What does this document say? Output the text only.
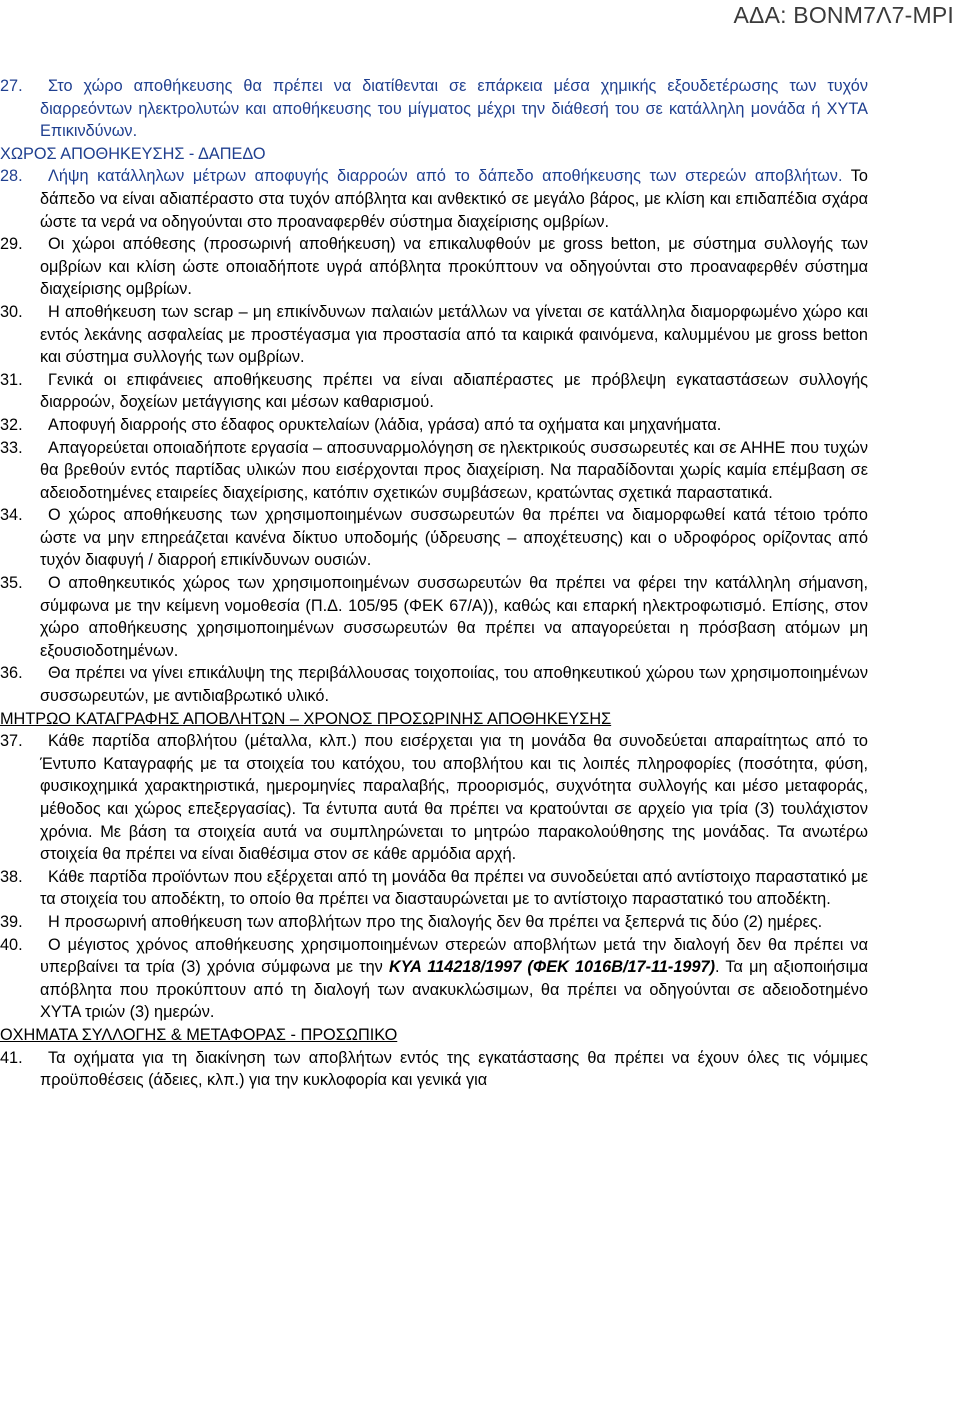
ΑΔΑ: ΒΟΝΜ7Λ7-ΜΡΙ
27. Στο χώρο αποθήκευσης θα πρέπει να διατίθενται σε επάρκεια μέσα χημικής εξουδετέρωσης των τυχόν διαρρεόντων ηλεκτρολυτών και αποθήκευσης του μίγματος μέχρι την διάθεσή του σε κατάλληλη μονάδα ή ΧΥΤΑ Επικινδύνων.
ΧΩΡΟΣ ΑΠΟΘΗΚΕΥΣΗΣ - ΔΑΠΕΔΟ
28. Λήψη κατάλληλων μέτρων αποφυγής διαρροών από το δάπεδο αποθήκευσης των στερεών αποβλήτων. Το δάπεδο να είναι αδιαπέραστο στα τυχόν απόβλητα και ανθεκτικό σε μεγάλο βάρος, με κλίση και επιδαπέδια σχάρα ώστε τα νερά να οδηγούνται στο προαναφερθέν σύστημα διαχείρισης ομβρίων.
29. Οι χώροι απόθεσης (προσωρινή αποθήκευση) να επικαλυφθούν με gross betton, με σύστημα συλλογής των ομβρίων και κλίση ώστε οποιαδήποτε υγρά απόβλητα προκύπτουν να οδηγούνται στο προαναφερθέν σύστημα διαχείρισης ομβρίων.
30. Η αποθήκευση των scrap – μη επικίνδυνων παλαιών μετάλλων να γίνεται σε κατάλληλα διαμορφωμένο χώρο και εντός λεκάνης ασφαλείας με προστέγασμα για προστασία από τα καιρικά φαινόμενα, καλυμμένου με gross betton και σύστημα συλλογής των ομβρίων.
31. Γενικά οι επιφάνειες αποθήκευσης πρέπει να είναι αδιαπέραστες με πρόβλεψη εγκαταστάσεων συλλογής διαρροών, δοχείων μετάγγισης και μέσων καθαρισμού.
32. Αποφυγή διαρροής στο έδαφος ορυκτελαίων (λάδια, γράσα) από τα οχήματα και μηχανήματα.
33. Απαγορεύεται οποιαδήποτε εργασία – αποσυναρμολόγηση σε ηλεκτρικούς συσσωρευτές και σε ΑΗΗΕ που τυχών θα βρεθούν εντός παρτίδας υλικών που εισέρχονται προς διαχείριση. Να παραδίδονται χωρίς καμία επέμβαση σε αδειοδοτημένες εταιρείες διαχείρισης, κατόπιν σχετικών συμβάσεων, κρατώντας σχετικά παραστατικά.
34. Ο χώρος αποθήκευσης των χρησιμοποιημένων συσσωρευτών θα πρέπει να διαμορφωθεί κατά τέτοιο τρόπο ώστε να μην επηρεάζεται κανένα δίκτυο υποδομής (ύδρευσης – αποχέτευσης) και ο υδροφόρος ορίζοντας από τυχόν διαφυγή / διαρροή επικίνδυνων ουσιών.
35. Ο αποθηκευτικός χώρος των χρησιμοποιημένων συσσωρευτών θα πρέπει να φέρει την κατάλληλη σήμανση, σύμφωνα με την κείμενη νομοθεσία (Π.Δ. 105/95 (ΦΕΚ 67/Α)), καθώς και επαρκή ηλεκτροφωτισμό. Επίσης, στον χώρο αποθήκευσης χρησιμοποιημένων συσσωρευτών θα πρέπει να απαγορεύεται η πρόσβαση ατόμων μη εξουσιοδοτημένων.
36. Θα πρέπει να γίνει επικάλυψη της περιβάλλουσας τοιχοποιίας, του αποθηκευτικού χώρου των χρησιμοποιημένων συσσωρευτών, με αντιδιαβρωτικό υλικό.
ΜΗΤΡΩΟ ΚΑΤΑΓΡΑΦΗΣ ΑΠΟΒΛΗΤΩΝ – ΧΡΟΝΟΣ ΠΡΟΣΩΡΙΝΗΣ ΑΠΟΘΗΚΕΥΣΗΣ
37. Κάθε παρτίδα αποβλήτου (μέταλλα, κλπ.) που εισέρχεται για τη μονάδα θα συνοδεύεται απαραίτητως από το Έντυπο Καταγραφής με τα στοιχεία του κατόχου, του αποβλήτου και τις λοιπές πληροφορίες (ποσότητα, φύση, φυσικοχημικά χαρακτηριστικά, ημερομηνίες παραλαβής, προορισμός, συχνότητα συλλογής και μέσο μεταφοράς, μέθοδος και χώρος επεξεργασίας). Τα έντυπα αυτά θα πρέπει να κρατούνται σε αρχείο για τρία (3) τουλάχιστον χρόνια. Με βάση τα στοιχεία αυτά να συμπληρώνεται το μητρώο παρακολούθησης της μονάδας. Τα ανωτέρω στοιχεία θα πρέπει να είναι διαθέσιμα στον σε κάθε αρμόδια αρχή.
38. Κάθε παρτίδα προϊόντων που εξέρχεται από τη μονάδα θα πρέπει να συνοδεύεται από αντίστοιχο παραστατικό με τα στοιχεία του αποδέκτη, το οποίο θα πρέπει να διασταυρώνεται με το αντίστοιχο παραστατικό του αποδέκτη.
39. Η προσωρινή αποθήκευση των αποβλήτων προ της διαλογής δεν θα πρέπει να ξεπερνά τις δύο (2) ημέρες.
40. Ο μέγιστος χρόνος αποθήκευσης χρησιμοποιημένων στερεών αποβλήτων μετά την διαλογή δεν θα πρέπει να υπερβαίνει τα τρία (3) χρόνια σύμφωνα με την ΚΥΑ 114218/1997 (ΦΕΚ 1016Β/17-11-1997). Τα μη αξιοποιήσιμα απόβλητα που προκύπτουν από τη διαλογή των ανακυκλώσιμων, θα πρέπει να οδηγούνται σε αδειοδοτημένο ΧΥΤΑ τριών (3) ημερών.
ΟΧΗΜΑΤΑ ΣΥΛΛΟΓΗΣ & ΜΕΤΑΦΟΡΑΣ - ΠΡΟΣΩΠΙΚΟ
41. Τα οχήματα για τη διακίνηση των αποβλήτων εντός της εγκατάστασης θα πρέπει να έχουν όλες τις νόμιμες προϋποθέσεις (άδειες, κλπ.) για την κυκλοφορία και γενικά για
